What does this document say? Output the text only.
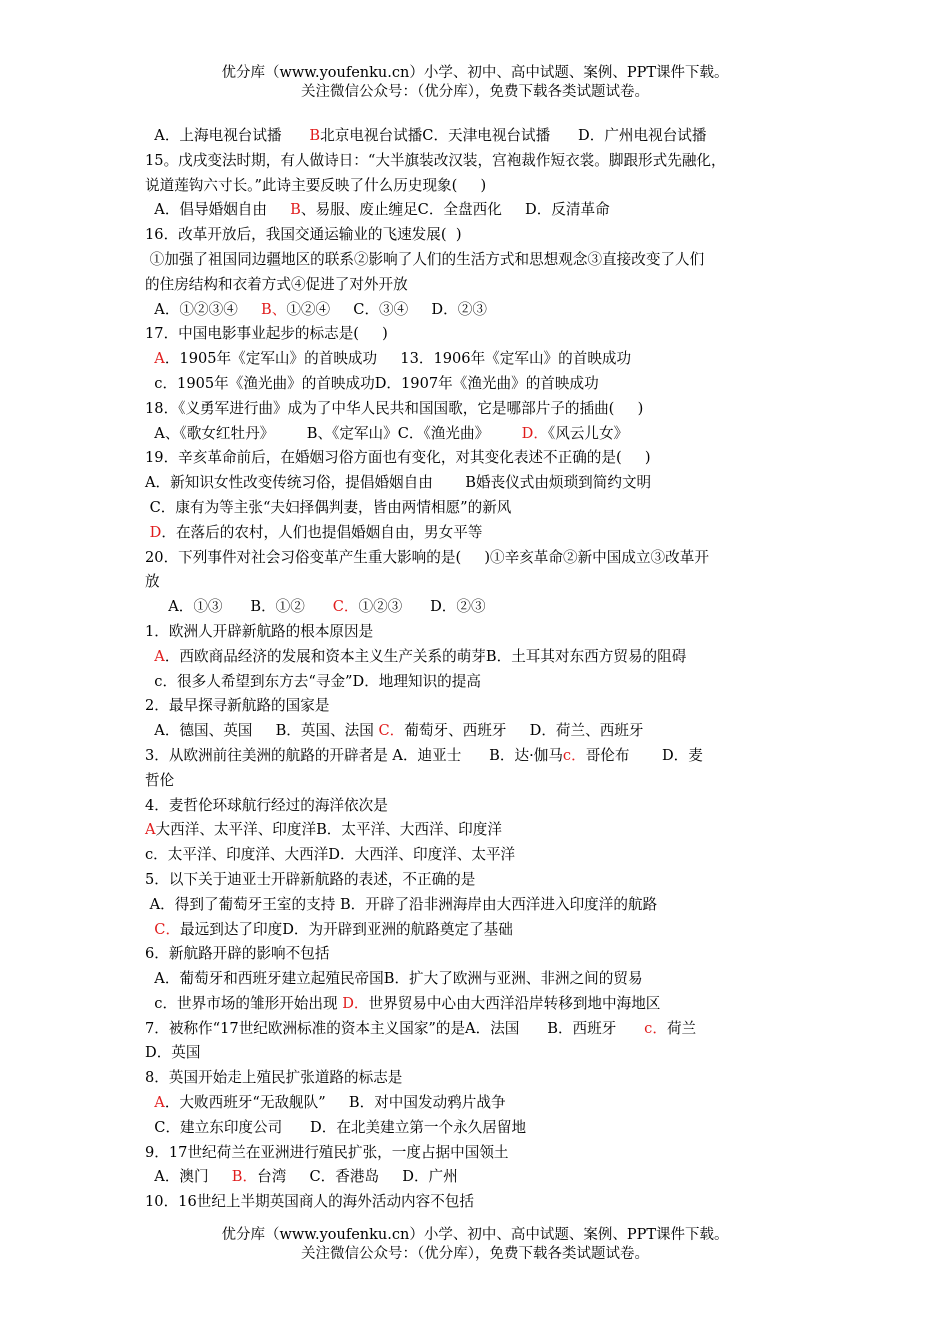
优分库（www.youfenku.cn）小学、初中、高中试题、案例、PPT课件下载。
关注微信公众号：（优分库），免费下载各类试题试卷。
A．上海电视台试播      B北京电视台试播C．天津电视台试播      D．广州电视台试播
15。戊戌变法时期，有人做诗日：“大半旗装改汉装，宫袍裁作短衣裳。脚跟形式先融化，
说道莲钩六寸长。”此诗主要反映了什么历史现象(     )
A．倡导婚姻自由     B、易服、废止缠足C．全盘西化     D．反清革命
16．改革开放后，我国交通运输业的飞速发展(  )
①加强了祖国同边疆地区的联系②影响了人们的生活方式和思想观念③直接改变了人们
的住房结构和衣着方式④促进了对外开放
A．①②③④     B、①②④     C．③④     D．②③
17．中国电影事业起步的标志是(     )
A．1905年《定军山》的首映成功     13．1906年《定军山》的首映成功
c．1905年《渔光曲》的首映成功D．1907年《渔光曲》的首映成功
18．《义勇军进行曲》成为了中华人民共和国国歌，它是哪部片子的插曲(     )
A、《歌女红牡丹》       B、《定军山》C．《渔光曲》       D．《风云儿女》
19．辛亥革命前后，在婚姻习俗方面也有变化，对其变化表述不正确的是(     )
A．新知识女性改变传统习俗，提倡婚姻自由       B婚丧仪式由烦琐到简约文明
C．康有为等主张“夫妇择偶判妻，皆由两情相愿”的新风
D．在落后的农村，人们也提倡婚姻自由，男女平等
20．下列事件对社会习俗变革产生重大影响的是(     )①辛亥革命②新中国成立③改革开
放
A．①③      B．①②      C．①②③      D．②③
1．欧洲人开辟新航路的根本原因是
A．西欧商品经济的发展和资本主义生产关系的萌芽B．土耳其对东西方贸易的阻碍
c．很多人希望到东方去“寻金”D．地理知识的提高
2．最早探寻新航路的国家是
A．德国、英国     B．英国、法国 C．葡萄牙、西班牙     D．荷兰、西班牙
3．从欧洲前往美洲的航路的开辟者是 A．迪亚士      B．达·伽马c．哥伦布       D．麦
哲伦
4．麦哲伦环球航行经过的海洋依次是
A大西洋、太平洋、印度洋B．太平洋、大西洋、印度洋
c．太平洋、印度洋、大西洋D．大西洋、印度洋、太平洋
5．以下关于迪亚士开辟新航路的表述，不正确的是
A．得到了葡萄牙王室的支持 B．开辟了沿非洲海岸由大西洋进入印度洋的航路
C．最远到达了印度D．为开辟到亚洲的航路奠定了基础
6．新航路开辟的影响不包括
A．葡萄牙和西班牙建立起殖民帝国B．扩大了欧洲与亚洲、非洲之间的贸易
c．世界市场的雏形开始出现 D．世界贸易中心由大西洋沿岸转移到地中海地区
7．被称作“17世纪欧洲标准的资本主义国家”的是A．法国      B．西班牙      c．荷兰
D．英国
8．英国开始走上殖民扩张道路的标志是
A．大败西班牙“无敌舰队”     B．对中国发动鸦片战争
C．建立东印度公司      D．在北美建立第一个永久居留地
9．17世纪荷兰在亚洲进行殖民扩张，一度占据中国领土
A．澳门     B．台湾     C．香港岛     D．广州
10．16世纪上半期英国商人的海外活动内容不包括
优分库（www.youfenku.cn）小学、初中、高中试题、案例、PPT课件下载。
关注微信公众号：（优分库），免费下载各类试题试卷。
